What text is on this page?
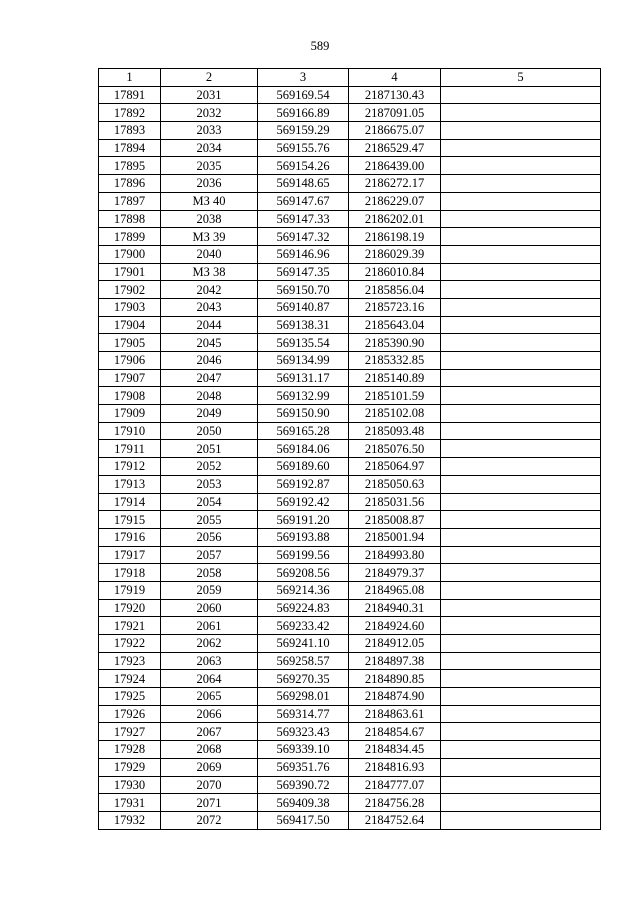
589
1	2	3	4	5
17891	2031	569169.54	2187130.43	
17892	2032	569166.89	2187091.05	
17893	2033	569159.29	2186675.07	
17894	2034	569155.76	2186529.47	
17895	2035	569154.26	2186439.00	
17896	2036	569148.65	2186272.17	
17897	МЗ 40	569147.67	2186229.07	
17898	2038	569147.33	2186202.01	
17899	МЗ 39	569147.32	2186198.19	
17900	2040	569146.96	2186029.39	
17901	МЗ 38	569147.35	2186010.84	
17902	2042	569150.70	2185856.04	
17903	2043	569140.87	2185723.16	
17904	2044	569138.31	2185643.04	
17905	2045	569135.54	2185390.90	
17906	2046	569134.99	2185332.85	
17907	2047	569131.17	2185140.89	
17908	2048	569132.99	2185101.59	
17909	2049	569150.90	2185102.08	
17910	2050	569165.28	2185093.48	
17911	2051	569184.06	2185076.50	
17912	2052	569189.60	2185064.97	
17913	2053	569192.87	2185050.63	
17914	2054	569192.42	2185031.56	
17915	2055	569191.20	2185008.87	
17916	2056	569193.88	2185001.94	
17917	2057	569199.56	2184993.80	
17918	2058	569208.56	2184979.37	
17919	2059	569214.36	2184965.08	
17920	2060	569224.83	2184940.31	
17921	2061	569233.42	2184924.60	
17922	2062	569241.10	2184912.05	
17923	2063	569258.57	2184897.38	
17924	2064	569270.35	2184890.85	
17925	2065	569298.01	2184874.90	
17926	2066	569314.77	2184863.61	
17927	2067	569323.43	2184854.67	
17928	2068	569339.10	2184834.45	
17929	2069	569351.76	2184816.93	
17930	2070	569390.72	2184777.07	
17931	2071	569409.38	2184756.28	
17932	2072	569417.50	2184752.64	
